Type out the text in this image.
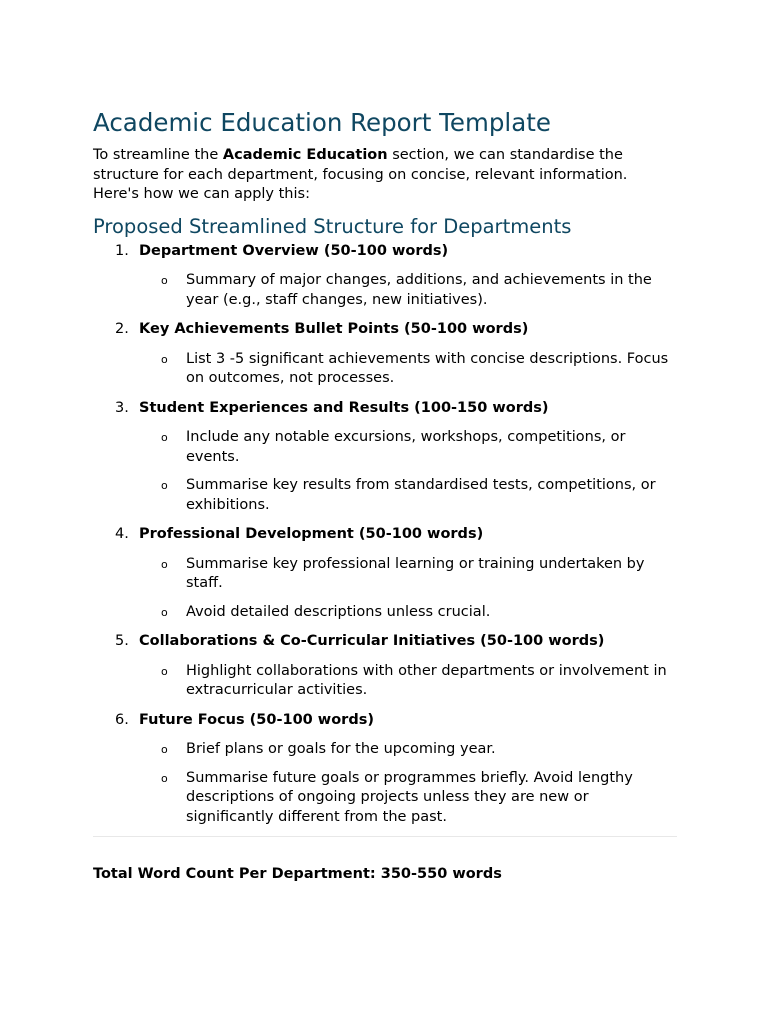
Academic Education Report Template

To streamline the Academic Education section, we can standardise the structure for each department, focusing on concise, relevant information. Here's how we can apply this:

Proposed Streamlined Structure for Departments
1. Department Overview (50-100 words)
o Summary of major changes, additions, and achievements in the year (e.g., staff changes, new initiatives).
2. Key Achievements Bullet Points (50-100 words)
o List 3 -5 significant achievements with concise descriptions. Focus on outcomes, not processes.
3. Student Experiences and Results (100-150 words)
o Include any notable excursions, workshops, competitions, or events.
o Summarise key results from standardised tests, competitions, or exhibitions.
4. Professional Development (50-100 words)
o Summarise key professional learning or training undertaken by staff.
o Avoid detailed descriptions unless crucial.
5. Collaborations & Co-Curricular Initiatives (50-100 words)
o Highlight collaborations with other departments or involvement in extracurricular activities.
6. Future Focus (50-100 words)
o Brief plans or goals for the upcoming year.
o Summarise future goals or programmes briefly. Avoid lengthy descriptions of ongoing projects unless they are new or significantly different from the past.

Total Word Count Per Department: 350-550 words
